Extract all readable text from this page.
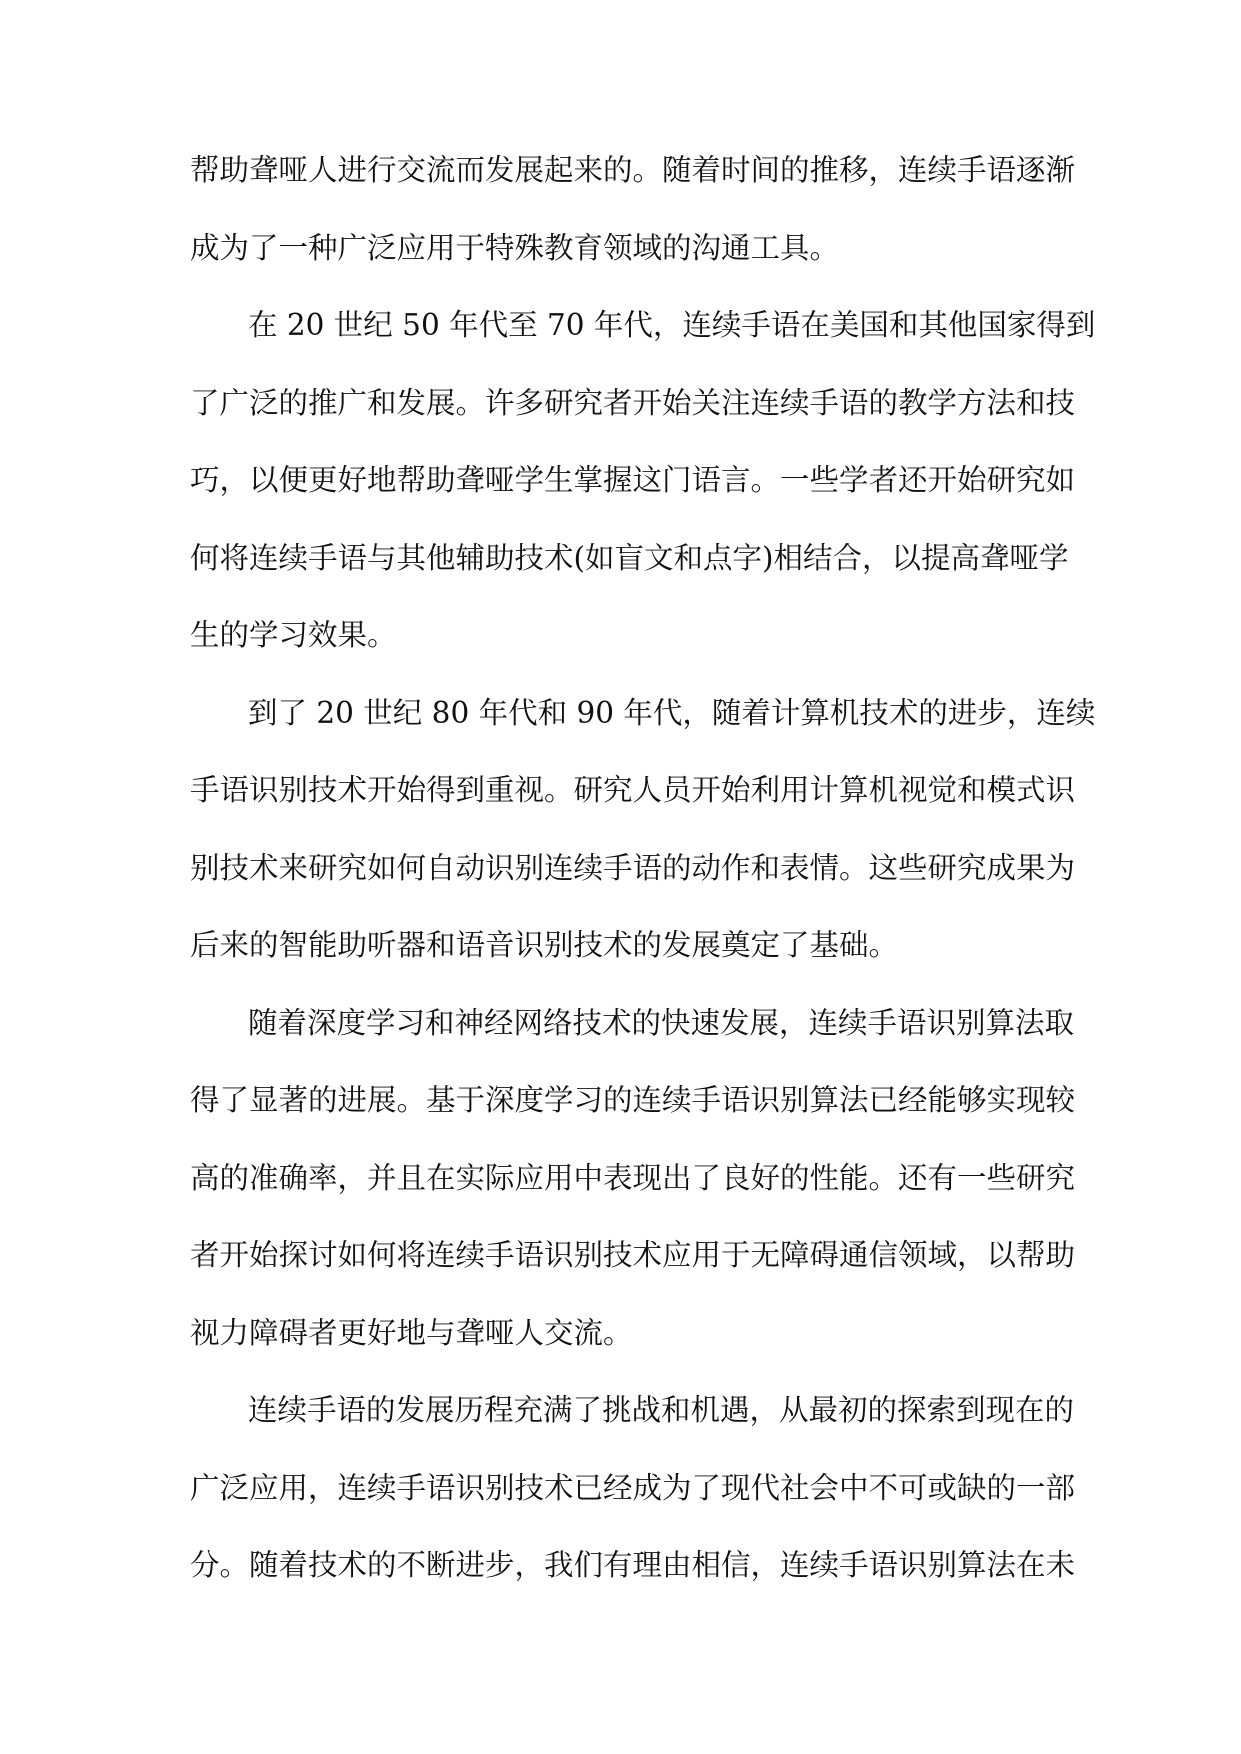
帮助聋哑人进行交流而发展起来的。随着时间的推移，连续手语逐渐
成为了一种广泛应用于特殊教育领域的沟通工具。
在 20 世纪 50 年代至 70 年代，连续手语在美国和其他国家得到
了广泛的推广和发展。许多研究者开始关注连续手语的教学方法和技
巧，以便更好地帮助聋哑学生掌握这门语言。一些学者还开始研究如
何将连续手语与其他辅助技术(如盲文和点字)相结合，以提高聋哑学
生的学习效果。
到了 20 世纪 80 年代和 90 年代，随着计算机技术的进步，连续
手语识别技术开始得到重视。研究人员开始利用计算机视觉和模式识
别技术来研究如何自动识别连续手语的动作和表情。这些研究成果为
后来的智能助听器和语音识别技术的发展奠定了基础。
随着深度学习和神经网络技术的快速发展，连续手语识别算法取
得了显著的进展。基于深度学习的连续手语识别算法已经能够实现较
高的准确率，并且在实际应用中表现出了良好的性能。还有一些研究
者开始探讨如何将连续手语识别技术应用于无障碍通信领域，以帮助
视力障碍者更好地与聋哑人交流。
连续手语的发展历程充满了挑战和机遇，从最初的探索到现在的
广泛应用，连续手语识别技术已经成为了现代社会中不可或缺的一部
分。随着技术的不断进步，我们有理由相信，连续手语识别算法在未
